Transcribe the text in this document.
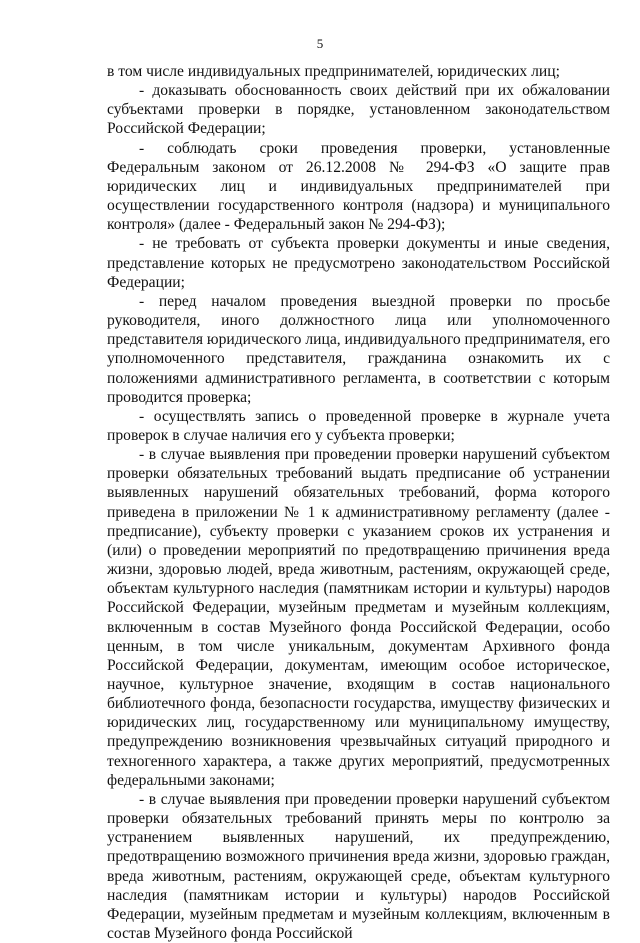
5

в том числе индивидуальных предпринимателей, юридических лиц;

- доказывать обоснованность своих действий при их обжаловании субъектами проверки в порядке, установленном законодательством Российской Федерации;

- соблюдать сроки проведения проверки, установленные Федеральным законом от 26.12.2008 № 294-ФЗ «О защите прав юридических лиц и индивидуальных предпринимателей при осуществлении государственного контроля (надзора) и муниципального контроля» (далее - Федеральный закон № 294-ФЗ);

- не требовать от субъекта проверки документы и иные сведения, представление которых не предусмотрено законодательством Российской Федерации;

- перед началом проведения выездной проверки по просьбе руководителя, иного должностного лица или уполномоченного представителя юридического лица, индивидуального предпринимателя, его уполномоченного представителя, гражданина ознакомить их с положениями административного регламента, в соответствии с которым проводится проверка;

- осуществлять запись о проведенной проверке в журнале учета проверок в случае наличия его у субъекта проверки;

- в случае выявления при проведении проверки нарушений субъектом проверки обязательных требований выдать предписание об устранении выявленных нарушений обязательных требований, форма которого приведена в приложении № 1 к административному регламенту (далее - предписание), субъекту проверки с указанием сроков их устранения и (или) о проведении мероприятий по предотвращению причинения вреда жизни, здоровью людей, вреда животным, растениям, окружающей среде, объектам культурного наследия (памятникам истории и культуры) народов Российской Федерации, музейным предметам и музейным коллекциям, включенным в состав Музейного фонда Российской Федерации, особо ценным, в том числе уникальным, документам Архивного фонда Российской Федерации, документам, имеющим особое историческое, научное, культурное значение, входящим в состав национального библиотечного фонда, безопасности государства, имуществу физических и юридических лиц, государственному или муниципальному имуществу, предупреждению возникновения чрезвычайных ситуаций природного и техногенного характера, а также других мероприятий, предусмотренных федеральными законами;

- в случае выявления при проведении проверки нарушений субъектом проверки обязательных требований принять меры по контролю за устранением выявленных нарушений, их предупреждению, предотвращению возможного причинения вреда жизни, здоровью граждан, вреда животным, растениям, окружающей среде, объектам культурного наследия (памятникам истории и культуры) народов Российской Федерации, музейным предметам и музейным коллекциям, включенным в состав Музейного фонда Российской
